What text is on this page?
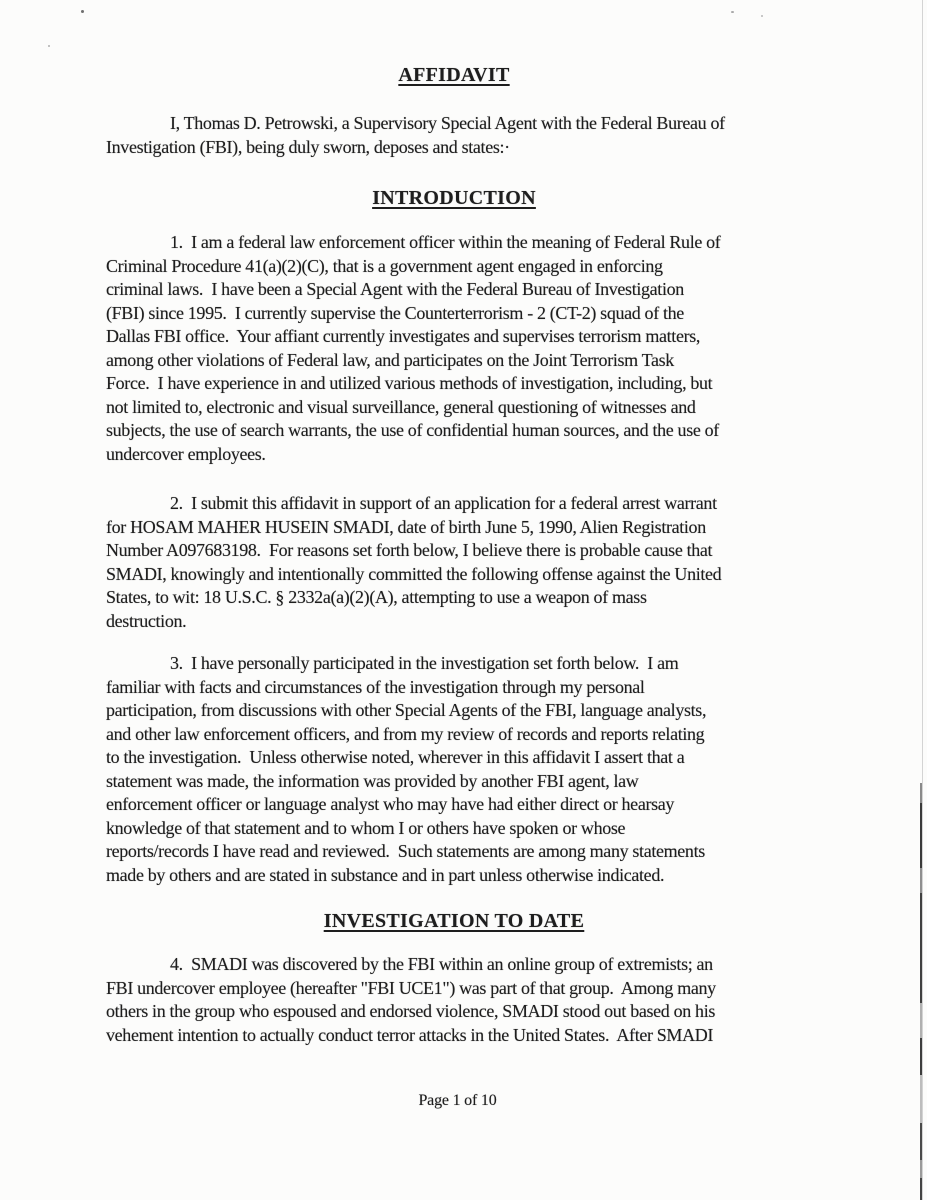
AFFIDAVIT
I, Thomas D. Petrowski, a Supervisory Special Agent with the Federal Bureau of
Investigation (FBI), being duly sworn, deposes and states:·
INTRODUCTION
1.  I am a federal law enforcement officer within the meaning of Federal Rule of
Criminal Procedure 41(a)(2)(C), that is a government agent engaged in enforcing
criminal laws.  I have been a Special Agent with the Federal Bureau of Investigation
(FBI) since 1995.  I currently supervise the Counterterrorism - 2 (CT-2) squad of the
Dallas FBI office.  Your affiant currently investigates and supervises terrorism matters,
among other violations of Federal law, and participates on the Joint Terrorism Task
Force.  I have experience in and utilized various methods of investigation, including, but
not limited to, electronic and visual surveillance, general questioning of witnesses and
subjects, the use of search warrants, the use of confidential human sources, and the use of
undercover employees.
2.  I submit this affidavit in support of an application for a federal arrest warrant
for HOSAM MAHER HUSEIN SMADI, date of birth June 5, 1990, Alien Registration
Number A097683198.  For reasons set forth below, I believe there is probable cause that
SMADI, knowingly and intentionally committed the following offense against the United
States, to wit: 18 U.S.C. § 2332a(a)(2)(A), attempting to use a weapon of mass
destruction.
3.  I have personally participated in the investigation set forth below.  I am
familiar with facts and circumstances of the investigation through my personal
participation, from discussions with other Special Agents of the FBI, language analysts,
and other law enforcement officers, and from my review of records and reports relating
to the investigation.  Unless otherwise noted, wherever in this affidavit I assert that a
statement was made, the information was provided by another FBI agent, law
enforcement officer or language analyst who may have had either direct or hearsay
knowledge of that statement and to whom I or others have spoken or whose
reports/records I have read and reviewed.  Such statements are among many statements
made by others and are stated in substance and in part unless otherwise indicated.
INVESTIGATION TO DATE
4.  SMADI was discovered by the FBI within an online group of extremists; an
FBI undercover employee (hereafter "FBI UCE1") was part of that group.  Among many
others in the group who espoused and endorsed violence, SMADI stood out based on his
vehement intention to actually conduct terror attacks in the United States.  After SMADI
Page 1 of 10
